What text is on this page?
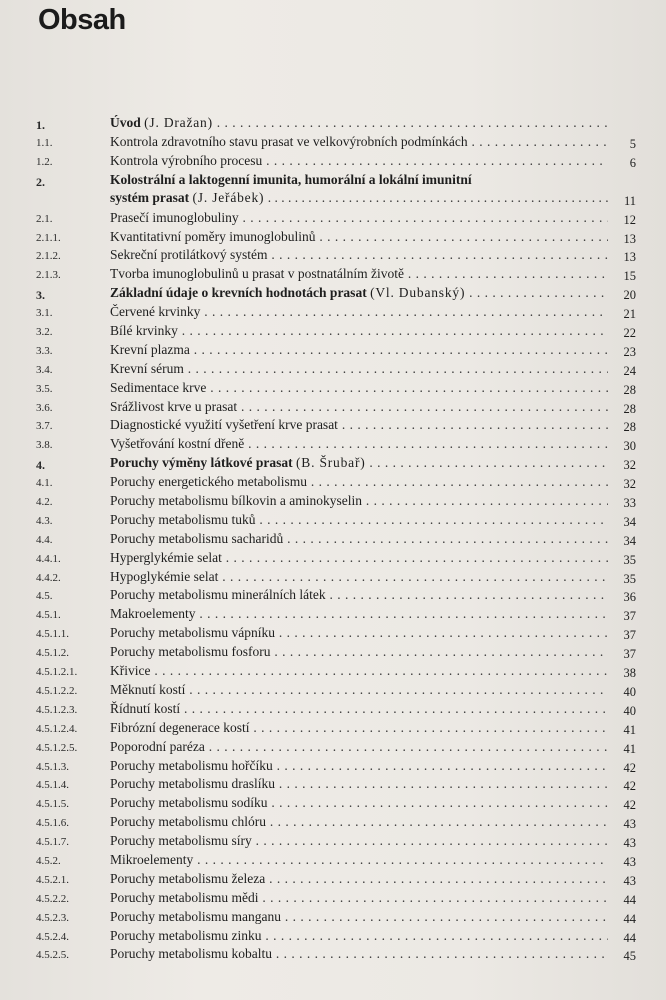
Obsah
1.	Úvod (J. Dražan) . . .
1.1.	Kontrola zdravotního stavu prasat ve velkovýrobních podmínkách . . .	5
1.2.	Kontrola výrobního procesu . . .	6
2.	Kolostrální a laktogenní imunita, humorální a lokální imunitní
systém prasat (J. Jeřábek) . . .	11
2.1.	Prasečí imunoglobuliny . . .	12
2.1.1.	Kvantitativní poměry imunoglobulinů . . .	13
2.1.2.	Sekreční protilátkový systém . . .	13
2.1.3.	Tvorba imunoglobulinů u prasat v postnatálním životě . . .	15
3.	Základní údaje o krevních hodnotách prasat (Vl. Dubanský) . . .	20
3.1.	Červené krvinky . . .	21
3.2.	Bílé krvinky . . .	22
3.3.	Krevní plazma . . .	23
3.4.	Krevní sérum . . .	24
3.5.	Sedimentace krve . . .	28
3.6.	Srážlivost krve u prasat . . .	28
3.7.	Diagnostické využití vyšetření krve prasat . . .	28
3.8.	Vyšetřování kostní dřeně . . .	30
4.	Poruchy výměny látkové prasat (B. Šrubař) . . .	32
4.1.	Poruchy energetického metabolismu . . .	32
4.2.	Poruchy metabolismu bílkovin a aminokyselin . . .	33
4.3.	Poruchy metabolismu tuků . . .	34
4.4.	Poruchy metabolismu sacharidů . . .	34
4.4.1.	Hyperglykémie selat . . .	35
4.4.2.	Hypoglykémie selat . . .	35
4.5.	Poruchy metabolismu minerálních látek . . .	36
4.5.1.	Makroelementy . . .	37
4.5.1.1.	Poruchy metabolismu vápníku . . .	37
4.5.1.2.	Poruchy metabolismu fosforu . . .	37
4.5.1.2.1. Křivice . . .	38
4.5.1.2.2. Měknutí kostí . . .	40
4.5.1.2.3. Řídnutí kostí . . .	40
4.5.1.2.4. Fibrózní degenerace kostí . . .	41
4.5.1.2.5. Poporodní paréza . . .	41
4.5.1.3.	Poruchy metabolismu hořčíku . . .	42
4.5.1.4.	Poruchy metabolismu draslíku . . .	42
4.5.1.5.	Poruchy metabolismu sodíku . . .	42
4.5.1.6.	Poruchy metabolismu chlóru . . .	43
4.5.1.7.	Poruchy metabolismu síry . . .	43
4.5.2.	Mikroelementy . . .	43
4.5.2.1.	Poruchy metabolismu železa . . .	43
4.5.2.2.	Poruchy metabolismu mědi . . .	44
4.5.2.3.	Poruchy metabolismu manganu . . .	44
4.5.2.4.	Poruchy metabolismu zinku . . .	44
4.5.2.5.	Poruchy metabolismu kobaltu . . .	45
